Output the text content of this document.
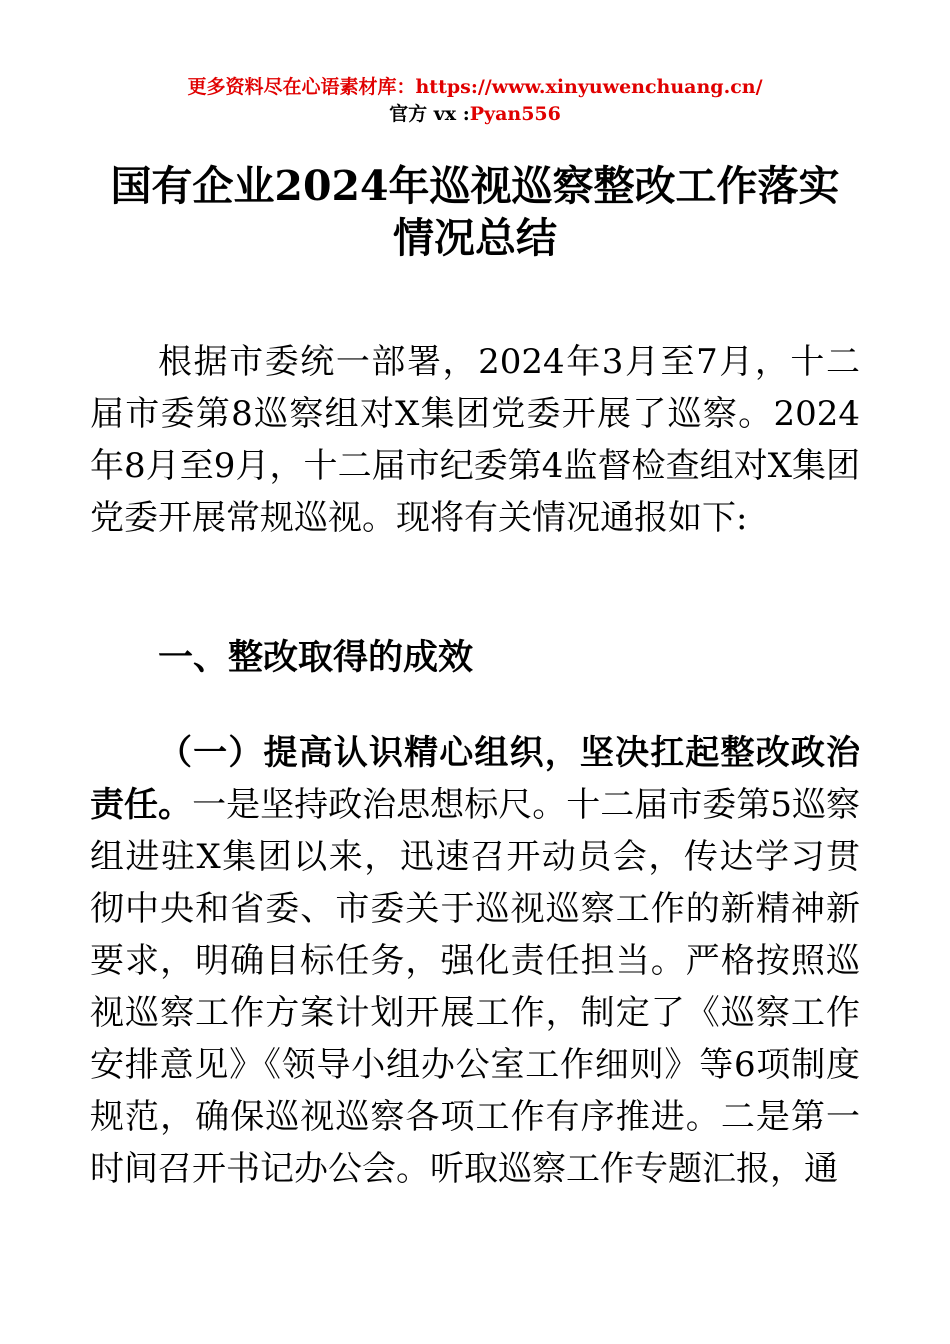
更多资料尽在心语素材库：https://www.xinyuwenchuang.cn/
官方 vx :Pyan556
国有企业2024年巡视巡察整改工作落实情况总结

根据市委统一部署，2024年3月至7月，十二届市委第8巡察组对X集团党委开展了巡察。2024年8月至9月，十二届市纪委第4监督检查组对X集团党委开展常规巡视。现将有关情况通报如下:

一、整改取得的成效

（一）提高认识精心组织，坚决扛起整改政治责任。一是坚持政治思想标尺。十二届市委第5巡察组进驻X集团以来，迅速召开动员会，传达学习贯彻中央和省委、市委关于巡视巡察工作的新精神新要求，明确目标任务，强化责任担当。严格按照巡视巡察工作方案计划开展工作，制定了《巡察工作安排意见》《领导小组办公室工作细则》等6项制度规范，确保巡视巡察各项工作有序推进。二是第一时间召开书记办公会。听取巡察工作专题汇报，通
